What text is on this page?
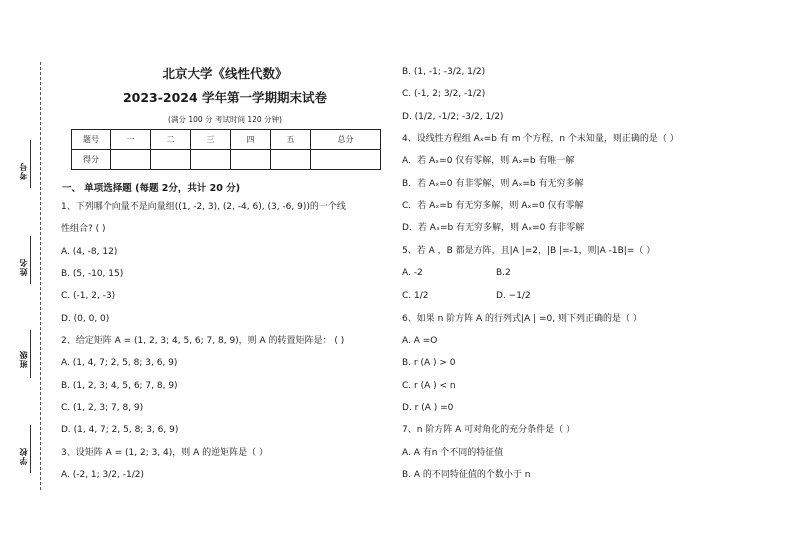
考号
姓名
班级
学校
北京大学《线性代数》
2023-2024 学年第一学期期末试卷
(满分 100 分 考试时间 120 分钟)
题号	一	二	三	四	五	总分
得分						
一、 单项选择题 (每题 2分，共计 20 分)
1、下列哪个向量不是向量组((1, -2, 3), (2, -4, 6), (3, -6, 9))的一个线
性组合? ( )
A. (4, -8, 12)
B. (5, -10, 15)
C. (-1, 2, -3)
D. (0, 0, 0)
2、给定矩阵 A = (1, 2, 3; 4, 5, 6; 7, 8, 9)，则 A 的转置矩阵是： ( )
A. (1, 4, 7; 2, 5, 8; 3, 6, 9)
B. (1, 2, 3; 4, 5, 6; 7, 8, 9)
C. (1, 2, 3; 7, 8, 9)
D. (1, 4, 7; 2, 5, 8; 3, 6, 9)
3、设矩阵 A = (1, 2; 3, 4)，则 A 的逆矩阵是（ ）
A. (-2, 1; 3/2, -1/2)
B. (1, -1; -3/2, 1/2)
C. (-1, 2; 3/2, -1/2)
D. (1/2, -1/2; -3/2, 1/2)
4、设线性方程组 Aₓ=b 有 m 个方程，n 个未知量，则正确的是（ ）
A．若 Aₓ=0 仅有零解，则 Aₓ=b 有唯一解
B．若 Aₓ=0 有非零解，则 Aₓ=b 有无穷多解
C．若 Aₓ=b 有无穷多解，则 Aₓ=0 仅有零解
D．若 Aₓ=b 有无穷多解，则 Aₓ=0 有非零解
5、若 A ，B 都是方阵，且|A |=2，|B |=-1，则|A -1B|=（ ）
A. -2	B.2
C. 1/2	D. −1/2
6、如果 n 阶方阵 A 的行列式|A | =0, 则下列正确的是（ ）
A. A =O
B. r (A ) > 0
C. r (A ) < n
D. r (A ) =0
7、n 阶方阵 A 可对角化的充分条件是（ ）
A. A 有n 个不同的特征值
B. A 的不同特征值的个数小于 n
